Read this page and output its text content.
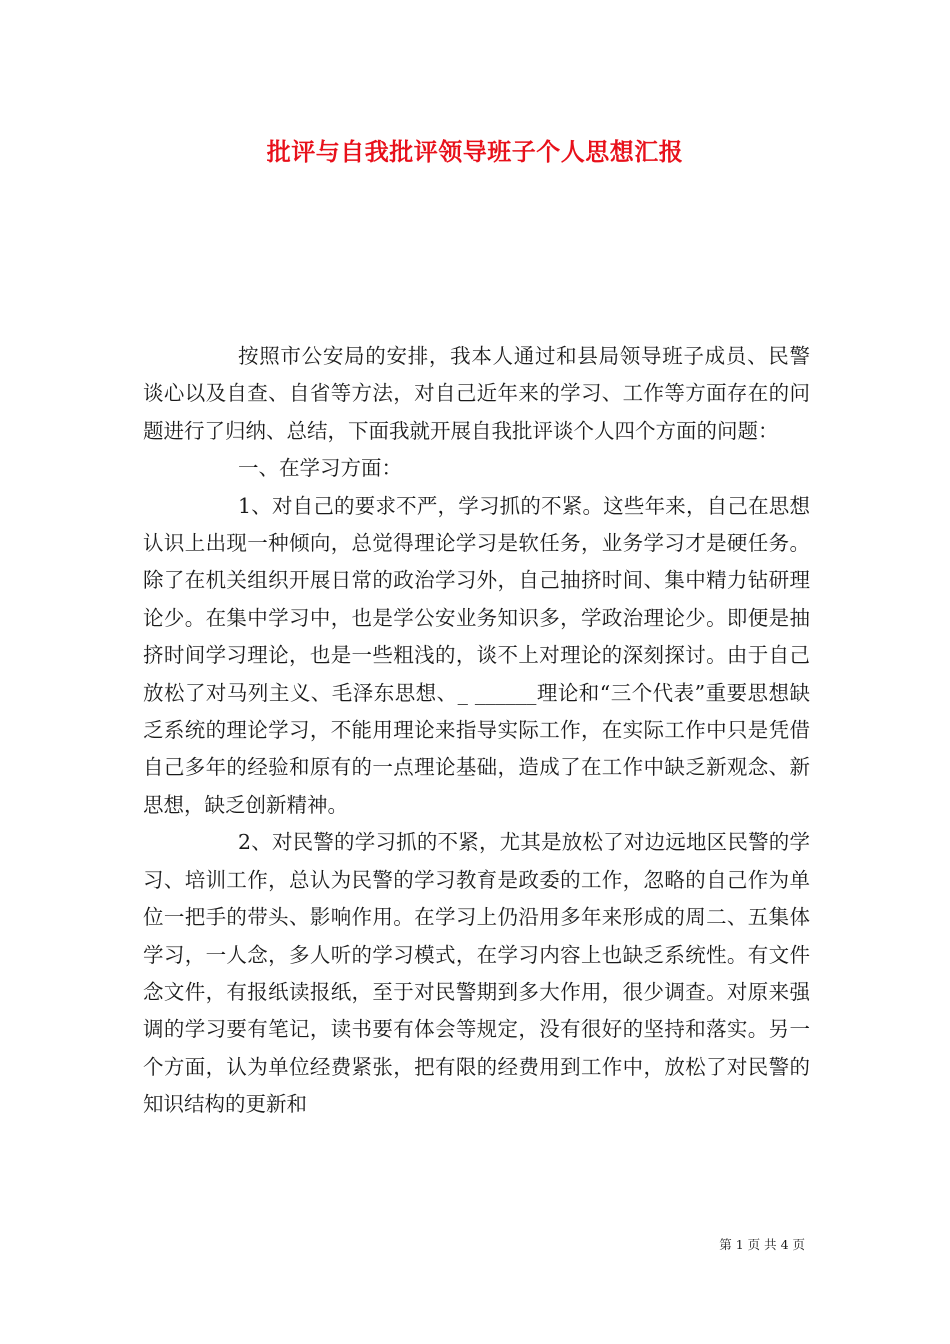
批评与自我批评领导班子个人思想汇报

按照市公安局的安排，我本人通过和县局领导班子成员、民警谈心以及自查、自省等方法，对自己近年来的学习、工作等方面存在的问题进行了归纳、总结，下面我就开展自我批评谈个人四个方面的问题：

一、在学习方面：

1、对自己的要求不严，学习抓的不紧。这些年来，自己在思想认识上出现一种倾向，总觉得理论学习是软任务，业务学习才是硬任务。除了在机关组织开展日常的政治学习外，自己抽挤时间、集中精力钻研理论少。在集中学习中，也是学公安业务知识多，学政治理论少。即便是抽挤时间学习理论，也是一些粗浅的，谈不上对理论的深刻探讨。由于自己放松了对马列主义、毛泽东思想、_ ______理论和“三个代表”重要思想缺乏系统的理论学习，不能用理论来指导实际工作，在实际工作中只是凭借自己多年的经验和原有的一点理论基础，造成了在工作中缺乏新观念、新思想，缺乏创新精神。

2、对民警的学习抓的不紧，尤其是放松了对边远地区民警的学习、培训工作，总认为民警的学习教育是政委的工作，忽略的自己作为单位一把手的带头、影响作用。在学习上仍沿用多年来形成的周二、五集体学习，一人念，多人听的学习模式，在学习内容上也缺乏系统性。有文件念文件，有报纸读报纸，至于对民警期到多大作用，很少调查。对原来强调的学习要有笔记，读书要有体会等规定，没有很好的坚持和落实。另一个方面，认为单位经费紧张，把有限的经费用到工作中，放松了对民警的知识结构的更新和

第 1 页 共 4 页
